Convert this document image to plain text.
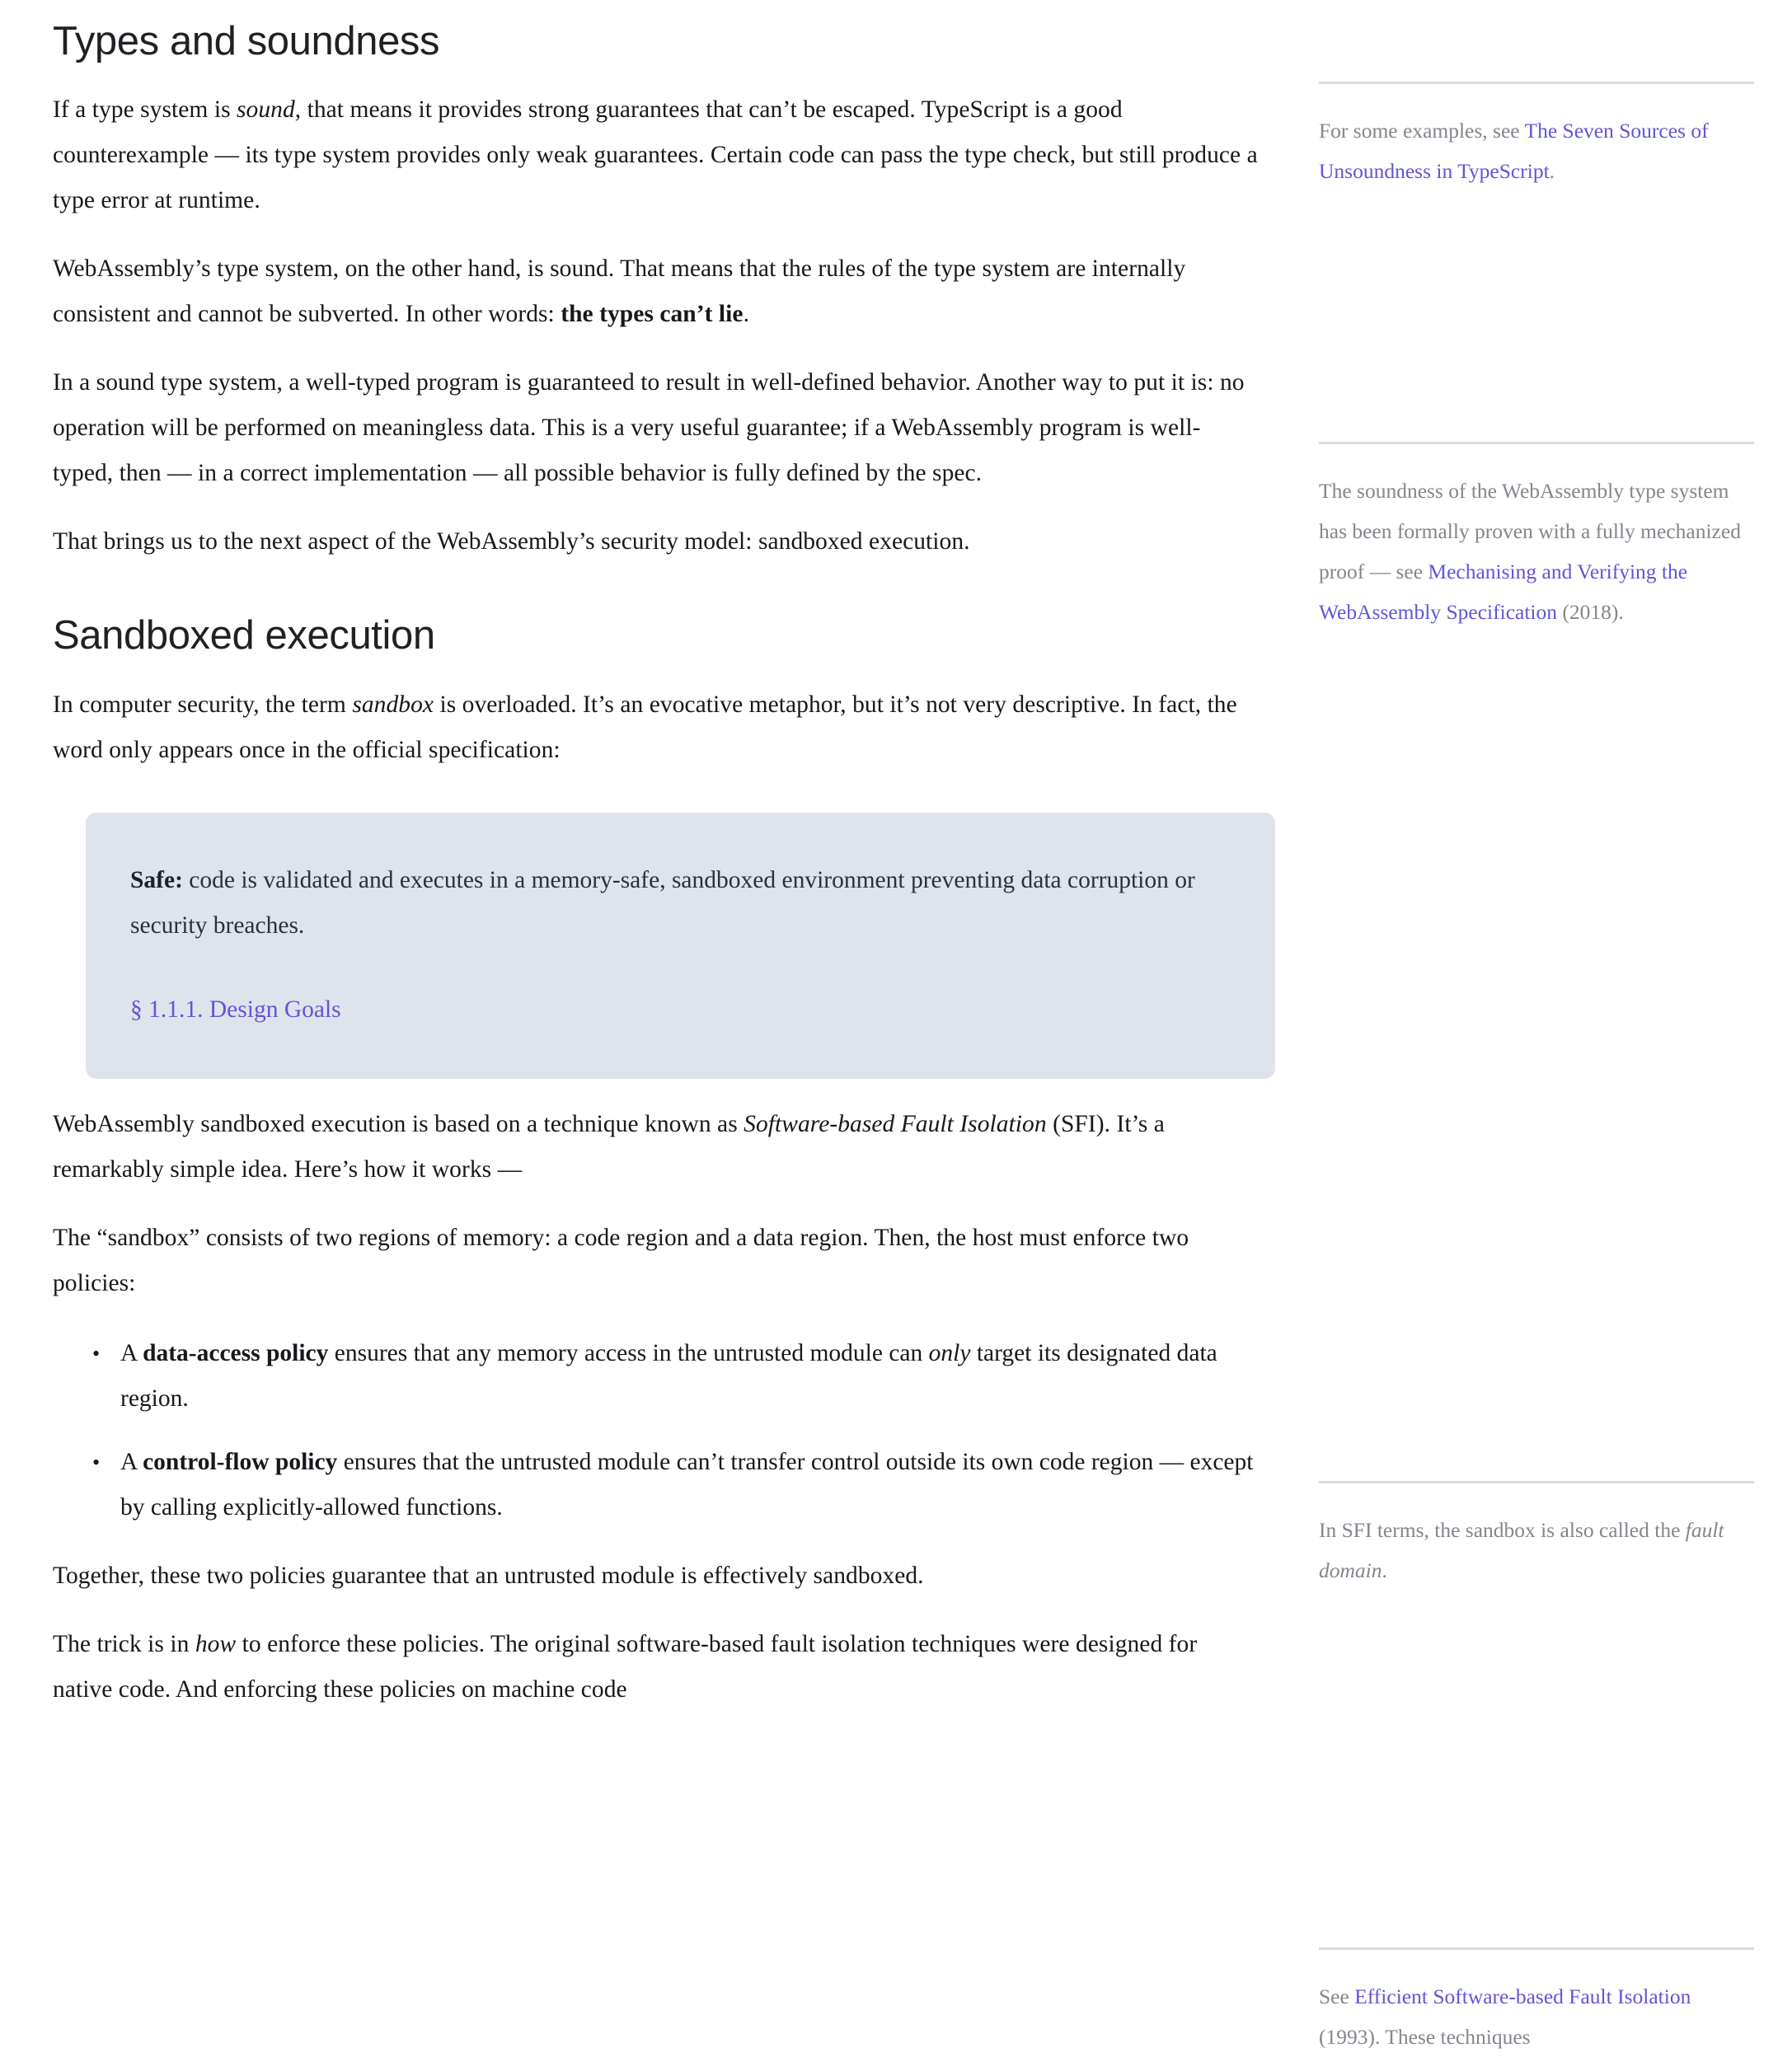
Types and soundness

If a type system is sound, that means it provides strong guarantees that can’t be escaped. TypeScript is a good counterexample — its type system provides only weak guarantees. Certain code can pass the type check, but still produce a type error at runtime.

WebAssembly’s type system, on the other hand, is sound. That means that the rules of the type system are internally consistent and cannot be subverted. In other words: the types can’t lie.

In a sound type system, a well-typed program is guaranteed to result in well-defined behavior. Another way to put it is: no operation will be performed on meaningless data. This is a very useful guarantee; if a WebAssembly program is well-typed, then — in a correct implementation — all possible behavior is fully defined by the spec.

That brings us to the next aspect of the WebAssembly’s security model: sandboxed execution.

Sandboxed execution

In computer security, the term sandbox is overloaded. It’s an evocative metaphor, but it’s not very descriptive. In fact, the word only appears once in the official specification:

Safe: code is validated and executes in a memory-safe, sandboxed environment preventing data corruption or security breaches.

§ 1.1.1. Design Goals

WebAssembly sandboxed execution is based on a technique known as Software-based Fault Isolation (SFI). It’s a remarkably simple idea. Here’s how it works —

The “sandbox” consists of two regions of memory: a code region and a data region. Then, the host must enforce two policies:

• A data-access policy ensures that any memory access in the untrusted module can only target its designated data region.
• A control-flow policy ensures that the untrusted module can’t transfer control outside its own code region — except by calling explicitly-allowed functions.

Together, these two policies guarantee that an untrusted module is effectively sandboxed.

The trick is in how to enforce these policies. The original software-based fault isolation techniques were designed for native code. And enforcing these policies on machine code

For some examples, see The Seven Sources of Unsoundness in TypeScript.

The soundness of the WebAssembly type system has been formally proven with a fully mechanized proof — see Mechanising and Verifying the WebAssembly Specification (2018).

In SFI terms, the sandbox is also called the fault domain.

See Efficient Software-based Fault Isolation (1993). These techniques
